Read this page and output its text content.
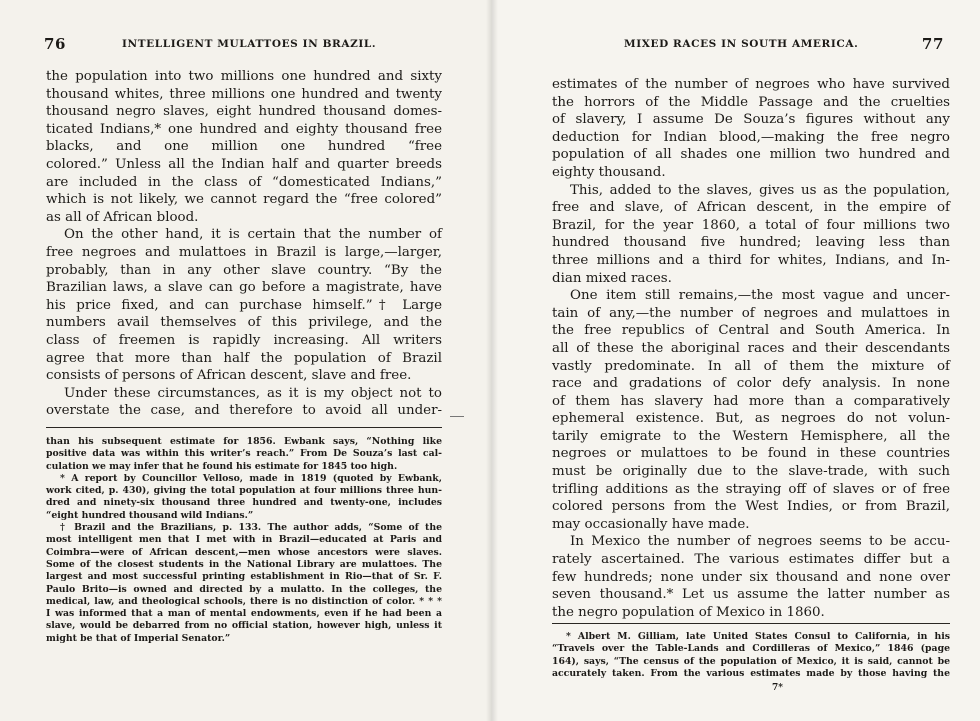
76	INTELLIGENT MULATTOES IN BRAZIL.
the population into two millions one hundred and sixty
thousand whites, three millions one hundred and twenty
thousand negro slaves, eight hundred thousand domes-
ticated Indians,* one hundred and eighty thousand free
blacks, and one million one hundred “free
colored.” Unless all the Indian half and quarter breeds
are included in the class of “domesticated Indians,”
which is not likely, we cannot regard the “free colored”
as all of African blood.
On the other hand, it is certain that the number of
free negroes and mulattoes in Brazil is large,—larger,
probably, than in any other slave country. “By the
Brazilian laws, a slave can go before a magistrate, have
his price fixed, and can purchase himself.”† Large
numbers avail themselves of this privilege, and the
class of freemen is rapidly increasing. All writers
agree that more than half the population of Brazil
consists of persons of African descent, slave and free.
Under these circumstances, as it is my object not to
overstate the case, and therefore to avoid all under-
than his subsequent estimate for 1856. Ewbank says, “Nothing like
positive data was within this writer’s reach.” From De Souza’s last cal-
culation we may infer that he found his estimate for 1845 too high.
* A report by Councillor Velloso, made in 1819 (quoted by Ewbank,
work cited, p. 430), giving the total population at four millions three hun-
dred and ninety-six thousand three hundred and twenty-one, includes
“eight hundred thousand wild Indians.”
† Brazil and the Brazilians, p. 133. The author adds, “Some of the
most intelligent men that I met with in Brazil—educated at Paris and
Coimbra—were of African descent,—men whose ancestors were slaves.
Some of the closest students in the National Library are mulattoes. The
largest and most successful printing establishment in Rio—that of Sr. F.
Paulo Brito—is owned and directed by a mulatto. In the colleges, the
medical, law, and theological schools, there is no distinction of color. * * *
I was informed that a man of mental endowments, even if he had been a
slave, would be debarred from no official station, however high, unless it
might be that of Imperial Senator.”
MIXED RACES IN SOUTH AMERICA.	77
estimates of the number of negroes who have survived
the horrors of the Middle Passage and the cruelties
of slavery, I assume De Souza’s figures without any
deduction for Indian blood,—making the free negro
population of all shades one million two hundred and
eighty thousand.
This, added to the slaves, gives us as the population,
free and slave, of African descent, in the empire of
Brazil, for the year 1860, a total of four millions two
hundred thousand five hundred; leaving less than
three millions and a third for whites, Indians, and In-
dian mixed races.
One item still remains,—the most vague and uncer-
tain of any,—the number of negroes and mulattoes in
the free republics of Central and South America. In
all of these the aboriginal races and their descendants
vastly predominate. In all of them the mixture of
race and gradations of color defy analysis. In none
of them has slavery had more than a comparatively
ephemeral existence. But, as negroes do not volun-
tarily emigrate to the Western Hemisphere, all the
negroes or mulattoes to be found in these countries
must be originally due to the slave-trade, with such
trifling additions as the straying off of slaves or of free
colored persons from the West Indies, or from Brazil,
may occasionally have made.
In Mexico the number of negroes seems to be accu-
rately ascertained. The various estimates differ but a
few hundreds; none under six thousand and none over
seven thousand.* Let us assume the latter number as
the negro population of Mexico in 1860.
* Albert M. Gilliam, late United States Consul to California, in his
“Travels over the Table-Lands and Cordilleras of Mexico,” 1846 (page
164), says, “The census of the population of Mexico, it is said, cannot be
accurately taken. From the various estimates made by those having the
7*
